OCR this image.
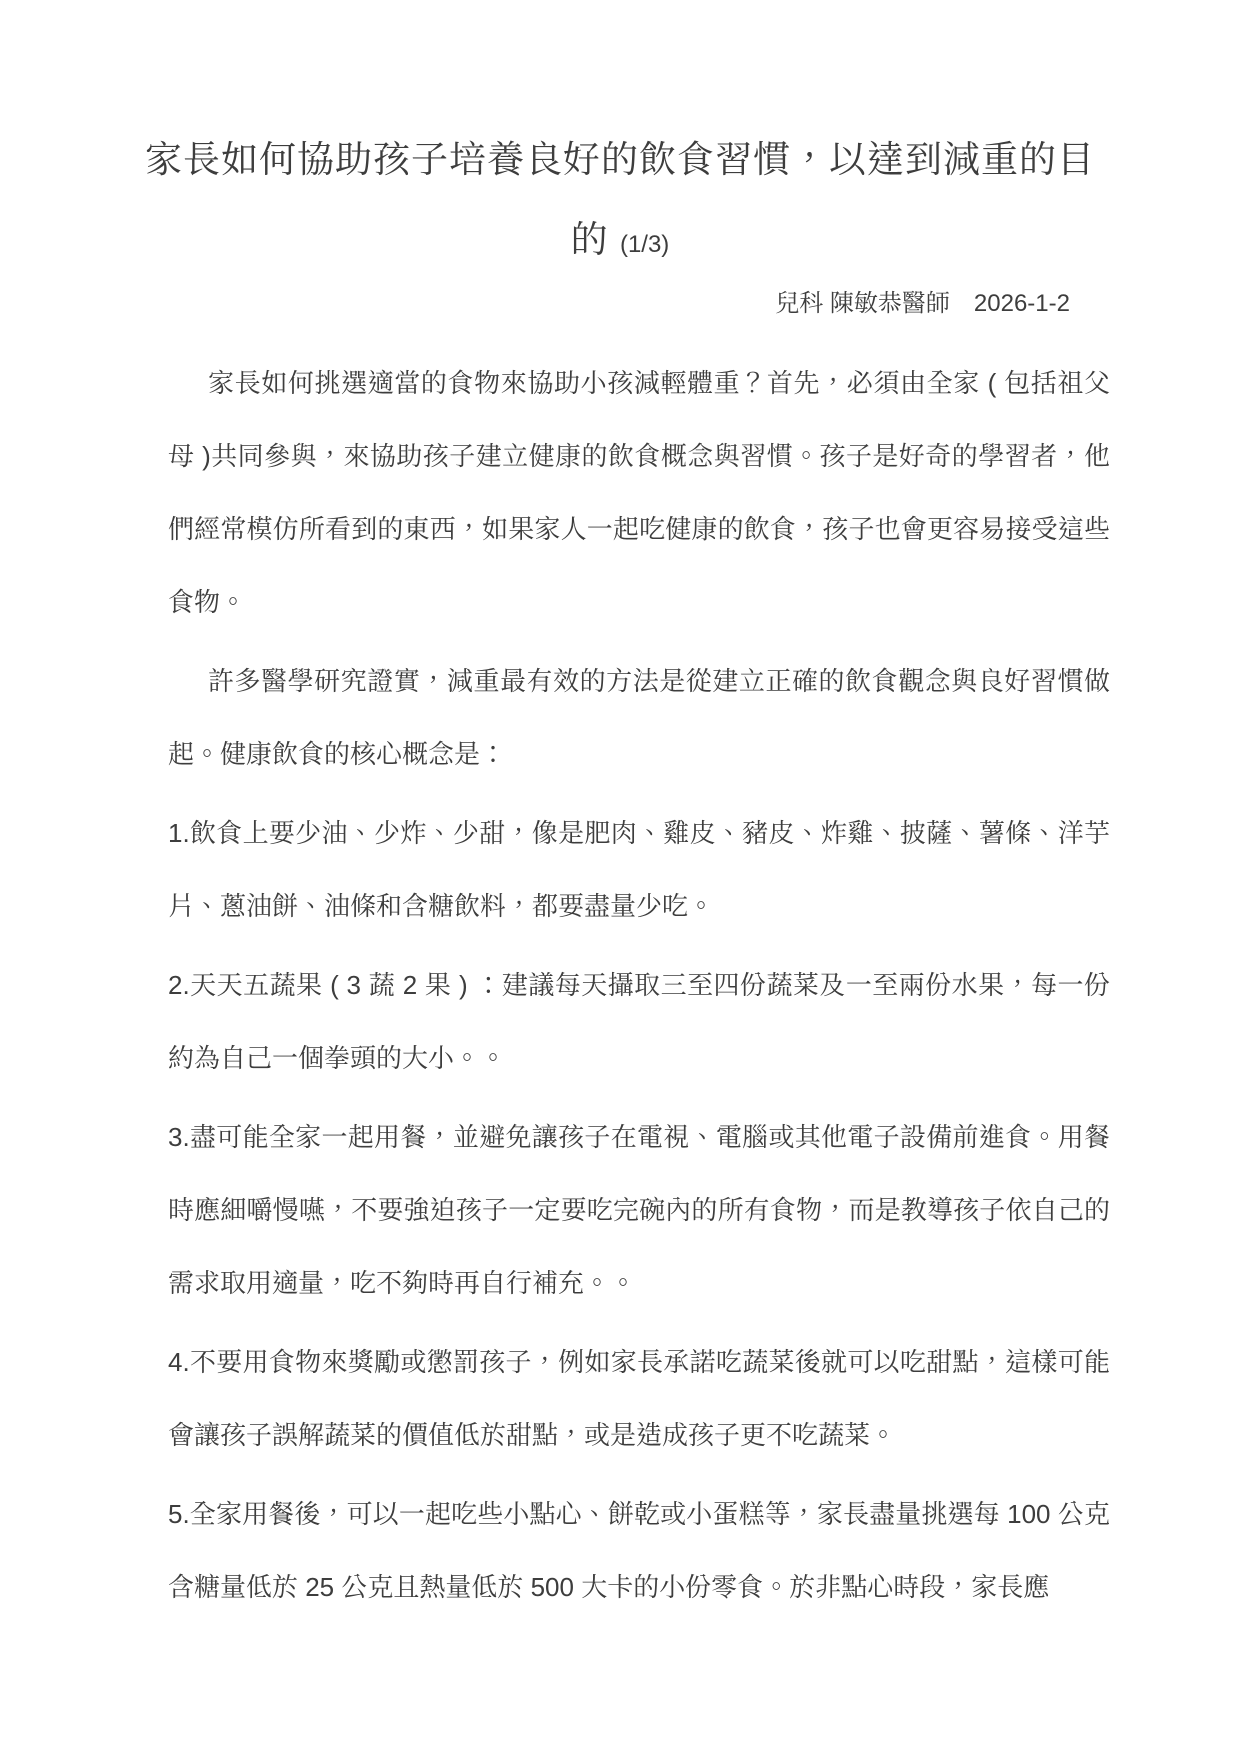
家長如何協助孩子培養良好的飲食習慣，以達到減重的目的 (1/3)
兒科 陳敏恭醫師　2026-1-2

家長如何挑選適當的食物來協助小孩減輕體重？首先，必須由全家 ( 包括祖父母 )共同參與，來協助孩子建立健康的飲食概念與習慣。孩子是好奇的學習者，他們經常模仿所看到的東西，如果家人一起吃健康的飲食，孩子也會更容易接受這些食物。

許多醫學研究證實，減重最有效的方法是從建立正確的飲食觀念與良好習慣做起。健康飲食的核心概念是：

1.飲食上要少油、少炸、少甜，像是肥肉、雞皮、豬皮、炸雞、披薩、薯條、洋芋片、蔥油餅、油條和含糖飲料，都要盡量少吃。

2.天天五蔬果 ( 3 蔬 2 果 ) ：建議每天攝取三至四份蔬菜及一至兩份水果，每一份約為自己一個拳頭的大小。。

3.盡可能全家一起用餐，並避免讓孩子在電視、電腦或其他電子設備前進食。用餐時應細嚼慢嚥，不要強迫孩子一定要吃完碗內的所有食物，而是教導孩子依自己的需求取用適量，吃不夠時再自行補充。。

4.不要用食物來獎勵或懲罰孩子，例如家長承諾吃蔬菜後就可以吃甜點，這樣可能會讓孩子誤解蔬菜的價值低於甜點，或是造成孩子更不吃蔬菜。

5.全家用餐後，可以一起吃些小點心、餅乾或小蛋糕等，家長盡量挑選每 100 公克含糖量低於 25 公克且熱量低於 500 大卡的小份零食。於非點心時段，家長應
